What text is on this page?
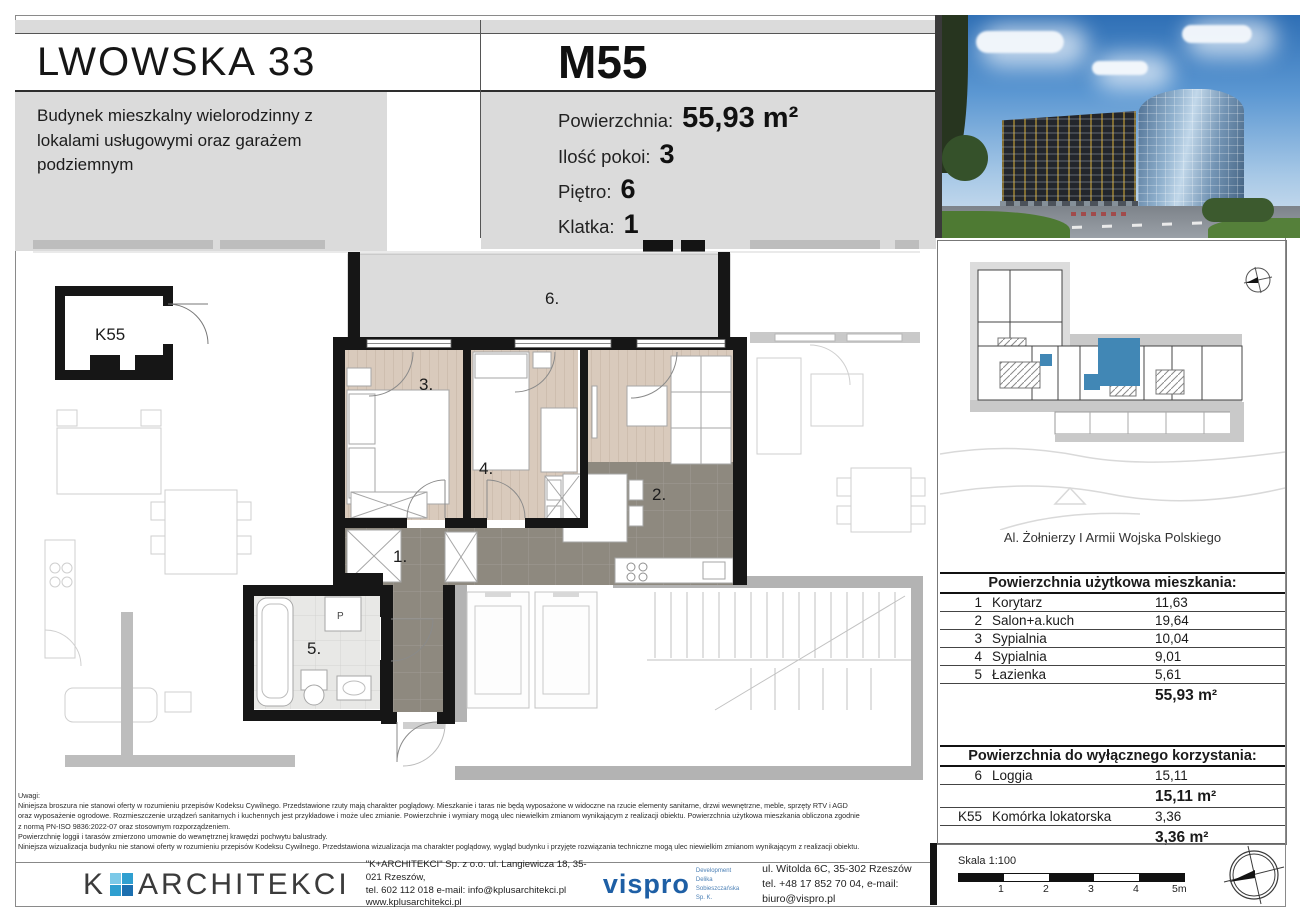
LWOWSKA 33
Budynek mieszkalny wielorodzinny z lokalami usługowymi oraz garażem podziemnym
M55
Powierzchnia: 55,93 m²
Ilość pokoi: 3
Piętro: 6
Klatka: 1
3.
4.
2.
1.
5.
6.
K55
P
Al. Żołnierzy I Armii Wojska Polskiego
Powierzchnia użytkowa mieszkania:
1 Korytarz	11,63
2 Salon+a.kuch	19,64
3 Sypialnia	10,04
4 Sypialnia	9,01
5 Łazienka	5,61
55,93 m²
Powierzchnia do wyłącznego korzystania:
6 Loggia	15,11
15,11 m²
K55 Komórka lokatorska	3,36
3,36 m²
Uwagi:
Niniejsza broszura nie stanowi oferty w rozumieniu przepisów Kodeksu Cywilnego. Przedstawione rzuty mają charakter poglądowy. Mieszkanie i taras nie będą wyposażone w widoczne na rzucie elementy sanitarne, drzwi wewnętrzne, meble, sprzęty RTV i AGD
oraz wyposażenie ogrodowe. Rozmieszczenie urządzeń sanitarnych i kuchennych jest przykładowe i może ulec zmianie. Powierzchnie i wymiary mogą ulec niewielkim zmianom wynikającym z realizacji obiektu. Powierzchnia użytkowa mieszkania obliczona zgodnie
z normą PN-ISO 9836:2022-07 oraz stosownym rozporządzeniem.
Powierzchnię loggii i tarasów zmierzono umownie do wewnętrznej krawędzi pochwytu balustrady.
Niniejsza wizualizacja budynku nie stanowi oferty w rozumieniu przepisów Kodeksu Cywilnego. Przedstawiona wizualizacja ma charakter poglądowy, wygląd budynku i przyjęte rozwiązania techniczne mogą ulec niewielkim zmianom wynikającym z realizacji obiektu.
K ARCHITEKCI
"K+ARCHITEKCI" Sp. z o.o. ul. Langiewicza 18, 35-021 Rzeszów,
tel. 602 112 018 e-mail: info@kplusarchitekci.pl
www.kplusarchitekci.pl
vispro Development
Delika Sobieszczańska Sp. K.
ul. Witolda 6C, 35-302 Rzeszów
tel. +48 17 852 70 04, e-mail: biuro@vispro.pl
Skala 1:100
1	2	3	4	5m
